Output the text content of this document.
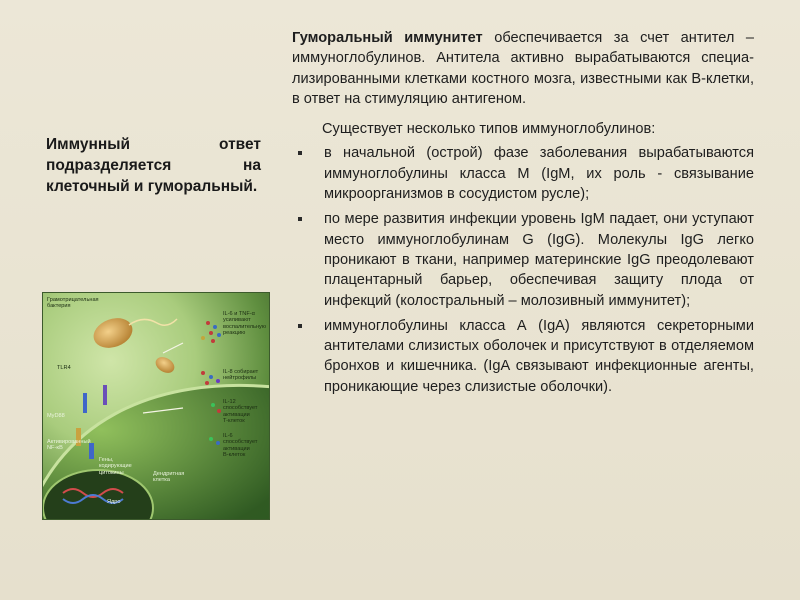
Иммунный ответ подразделяется на клеточный и гуморальный.
Грамотрицательная
бактерия
TLR4
IL-6 и TNF-α
усиливают
воспалительную
реакцию
IL-8 собирает
нейтрофилы
IL-12
способствует
активации
T-клеток
IL-6
способствует
активации
B-клеток
MyD88
Активированный
NF-κB
Гены,
кодирующие
цитокины	Дендритная
клетка
Ядро

Гуморальный иммунитет обеспечивается за счет антител – иммуноглобулинов. Антитела активно вырабатываются специа-лизированными клетками костного мозга, известными как В-клетки, в ответ на стимуляцию антигеном.

Существует несколько типов иммуноглобулинов:

в начальной (острой) фазе заболевания вырабатываются иммуноглобулины класса М (IgM, их роль - связывание микроорганизмов в сосудистом русле);
по мере развития инфекции уровень IgM падает, они уступают место иммуноглобулинам G (IgG). Молекулы IgG легко проникают в ткани, например материнские IgG преодолевают плацентарный барьер, обеспечивая защиту плода от инфекций (колостральный – молозивный иммунитет);
иммуноглобулины класса А (IgA) являются секреторными антителами слизистых оболочек и присутствуют в отделяемом бронхов и кишечника. (IgA связывают инфекционные агенты, проникающие через слизистые оболочки).
